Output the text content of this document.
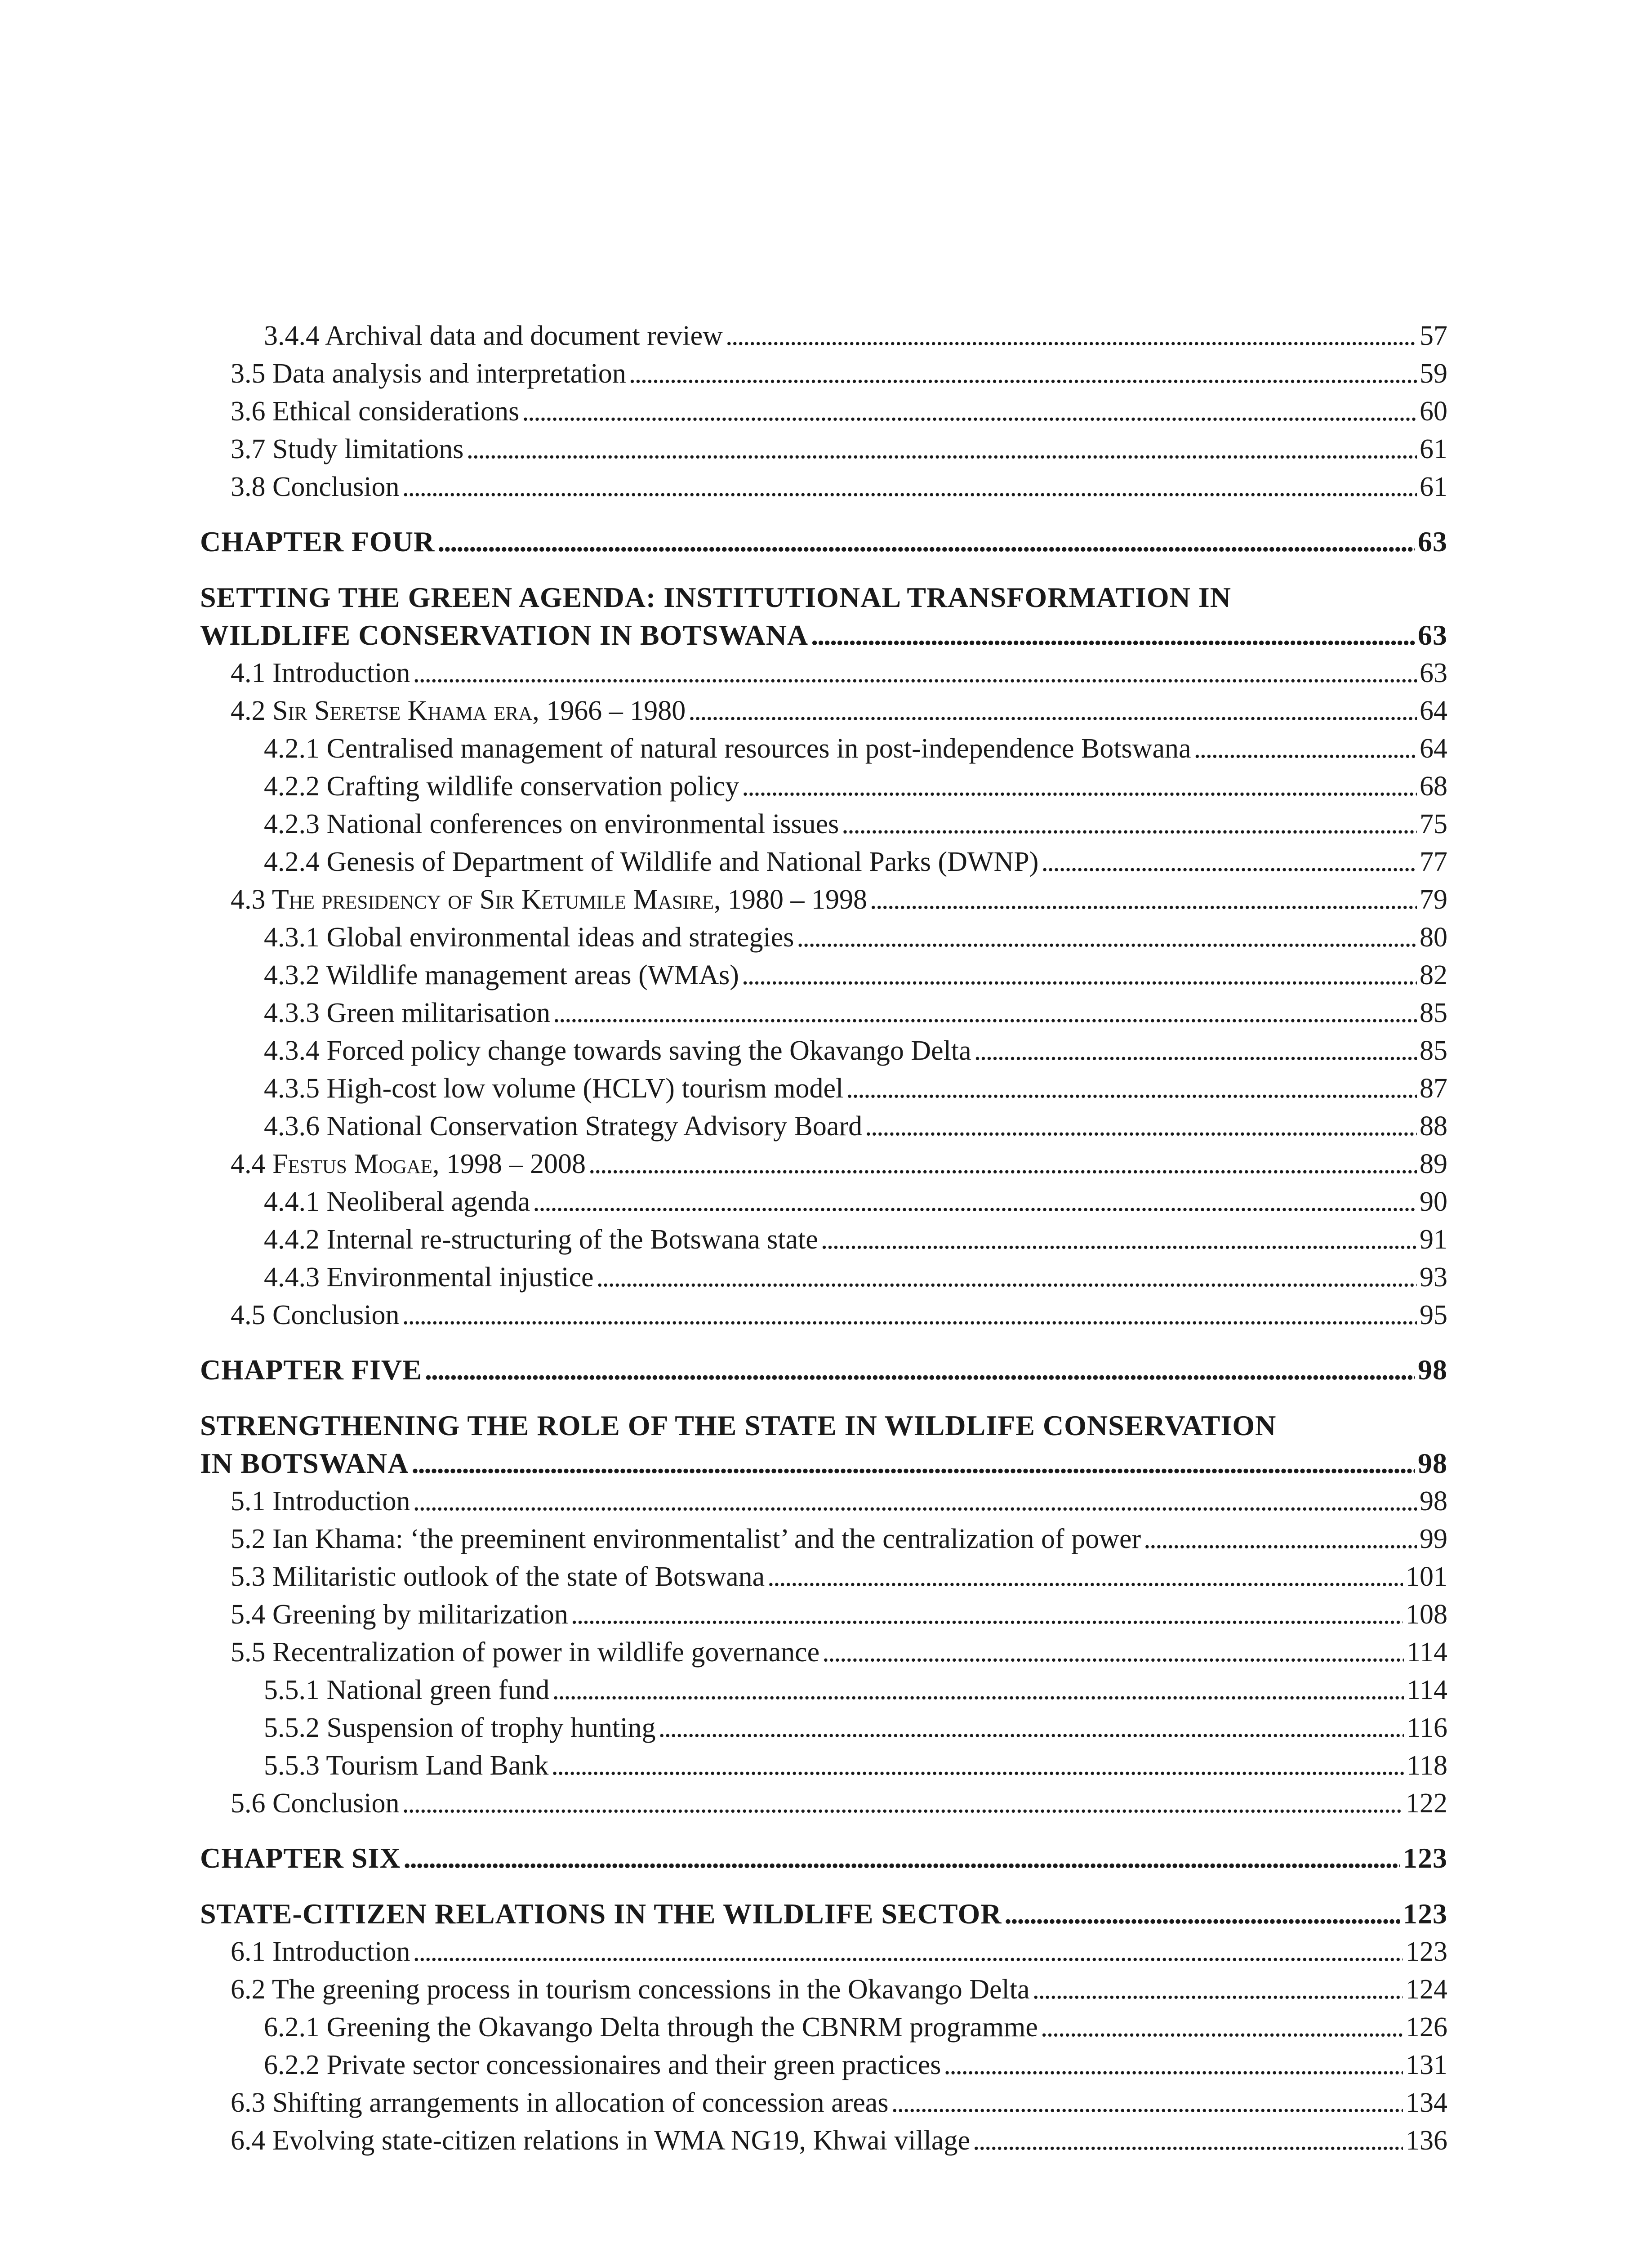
3.4.4 Archival data and document review . . .	57
3.5 Data analysis and interpretation . . .	59
3.6 Ethical considerations . . .	60
3.7 Study limitations . . .	61
3.8 Conclusion . . .	61
CHAPTER FOUR . . .	63
SETTING THE GREEN AGENDA: INSTITUTIONAL TRANSFORMATION IN
WILDLIFE CONSERVATION IN BOTSWANA . . .	63
4.1 Introduction . . .	63
4.2 Sir Seretse Khama era, 1966 – 1980 . . .	64
4.2.1 Centralised management of natural resources in post-independence Botswana . . .	64
4.2.2 Crafting wildlife conservation policy . . .	68
4.2.3 National conferences on environmental issues . . .	75
4.2.4 Genesis of Department of Wildlife and National Parks (DWNP) . . .	77
4.3 The presidency of Sir Ketumile Masire, 1980 – 1998 . . .	79
4.3.1 Global environmental ideas and strategies . . .	80
4.3.2 Wildlife management areas (WMAs) . . .	82
4.3.3 Green militarisation . . .	85
4.3.4 Forced policy change towards saving the Okavango Delta . . .	85
4.3.5 High-cost low volume (HCLV) tourism model . . .	87
4.3.6 National Conservation Strategy Advisory Board . . .	88
4.4 Festus Mogae, 1998 – 2008 . . .	89
4.4.1 Neoliberal agenda . . .	90
4.4.2 Internal re-structuring of the Botswana state . . .	91
4.4.3 Environmental injustice . . .	93
4.5 Conclusion . . .	95
CHAPTER FIVE . . .	98
STRENGTHENING THE ROLE OF THE STATE IN WILDLIFE CONSERVATION
IN BOTSWANA . . .	98
5.1 Introduction . . .	98
5.2 Ian Khama: ‘the preeminent environmentalist’ and the centralization of power . . .	99
5.3 Militaristic outlook of the state of Botswana . . .	101
5.4 Greening by militarization . . .	108
5.5 Recentralization of power in wildlife governance . . .	114
5.5.1 National green fund . . .	114
5.5.2 Suspension of trophy hunting . . .	116
5.5.3 Tourism Land Bank . . .	118
5.6 Conclusion . . .	122
CHAPTER SIX . . .	123
STATE-CITIZEN RELATIONS IN THE WILDLIFE SECTOR . . .	123
6.1 Introduction . . .	123
6.2 The greening process in tourism concessions in the Okavango Delta . . .	124
6.2.1 Greening the Okavango Delta through the CBNRM programme . . .	126
6.2.2 Private sector concessionaires and their green practices . . .	131
6.3 Shifting arrangements in allocation of concession areas . . .	134
6.4 Evolving state-citizen relations in WMA NG19, Khwai village . . .	136
